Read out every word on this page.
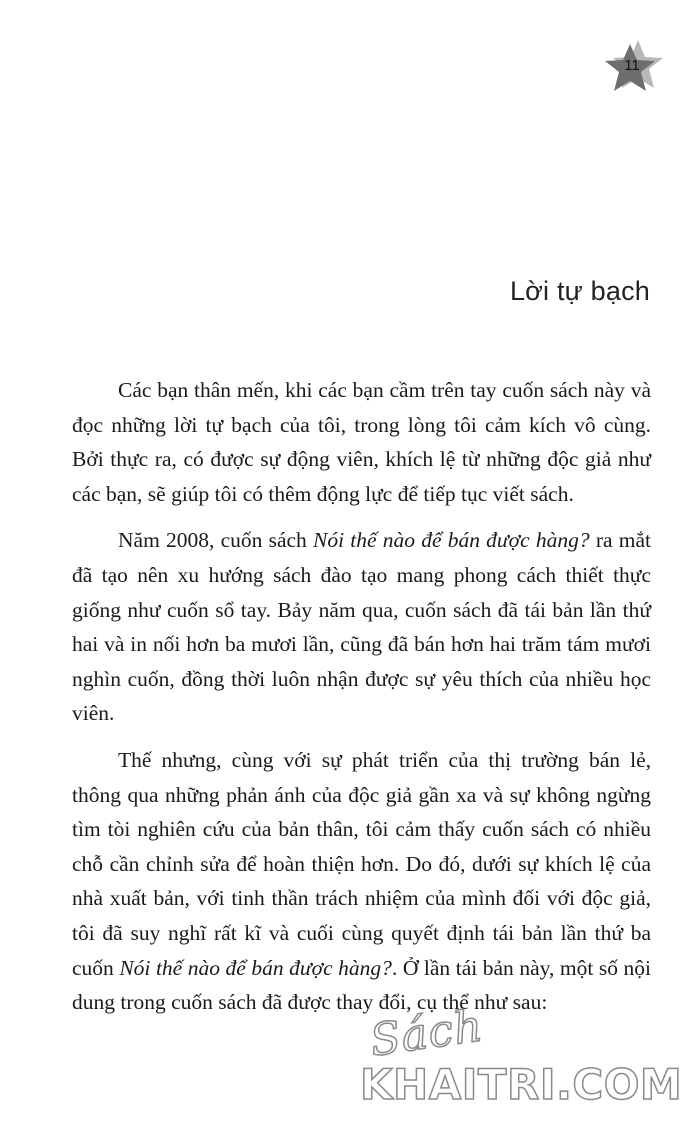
11
Lời tự bạch

Các bạn thân mến, khi các bạn cầm trên tay cuốn sách này và đọc những lời tự bạch của tôi, trong lòng tôi cảm kích vô cùng. Bởi thực ra, có được sự động viên, khích lệ từ những độc giả như các bạn, sẽ giúp tôi có thêm động lực để tiếp tục viết sách.

Năm 2008, cuốn sách Nói thế nào để bán được hàng? ra mắt đã tạo nên xu hướng sách đào tạo mang phong cách thiết thực giống như cuốn sổ tay. Bảy năm qua, cuốn sách đã tái bản lần thứ hai và in nối hơn ba mươi lần, cũng đã bán hơn hai trăm tám mươi nghìn cuốn, đồng thời luôn nhận được sự yêu thích của nhiều học viên.

Thế nhưng, cùng với sự phát triển của thị trường bán lẻ, thông qua những phản ánh của độc giả gần xa và sự không ngừng tìm tòi nghiên cứu của bản thân, tôi cảm thấy cuốn sách có nhiều chỗ cần chỉnh sửa để hoàn thiện hơn. Do đó, dưới sự khích lệ của nhà xuất bản, với tinh thần trách nhiệm của mình đối với độc giả, tôi đã suy nghĩ rất kĩ và cuối cùng quyết định tái bản lần thứ ba cuốn Nói thế nào để bán được hàng?. Ở lần tái bản này, một số nội dung trong cuốn sách đã được thay đổi, cụ thể như sau:

Sách
KHAITRI.COM
